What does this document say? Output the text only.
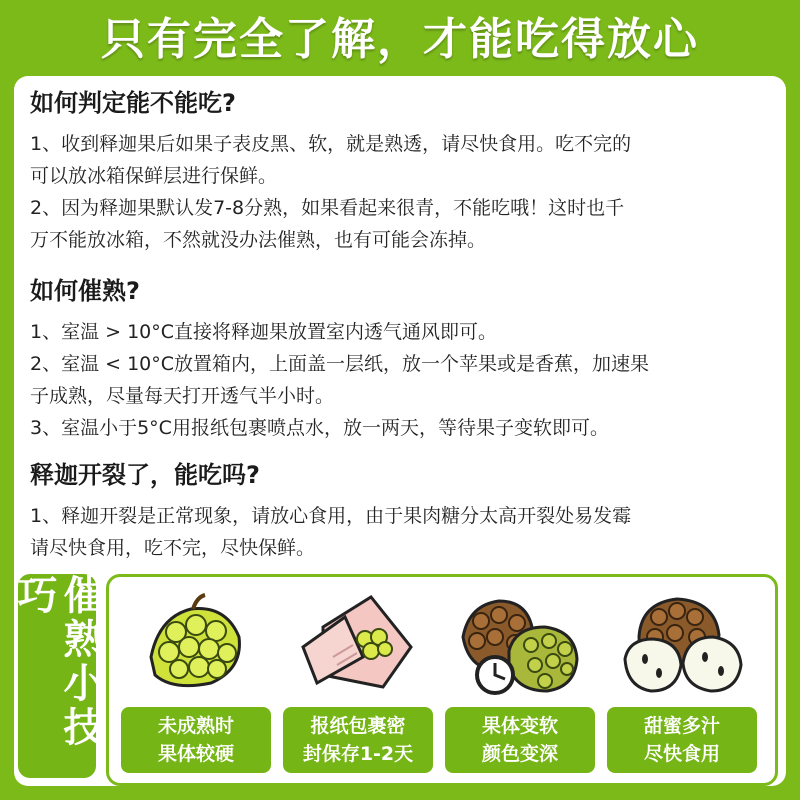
只有完全了解，才能吃得放心
如何判定能不能吃?

1、收到释迦果后如果子表皮黑、软，就是熟透，请尽快食用。吃不完的

可以放冰箱保鲜层进行保鲜。

2、因为释迦果默认发7-8分熟，如果看起来很青，不能吃哦！这时也千

万不能放冰箱，不然就没办法催熟，也有可能会冻掉。

如何催熟?

1、室温 > 10°C直接将释迦果放置室内透气通风即可。

2、室温 < 10°C放置箱内，上面盖一层纸，放一个苹果或是香蕉，加速果

子成熟，尽量每天打开透气半小时。

3、室温小于5°C用报纸包裹喷点水，放一两天，等待果子变软即可。

释迦开裂了，能吃吗?

1、释迦开裂是正常现象，请放心食用，由于果肉糖分太高开裂处易发霉

请尽快食用，吃不完，尽快保鲜。

催熟小技巧
未成熟时
果体较硬
报纸包裹密
封保存1-2天
果体变软
颜色变深
甜蜜多汁
尽快食用
